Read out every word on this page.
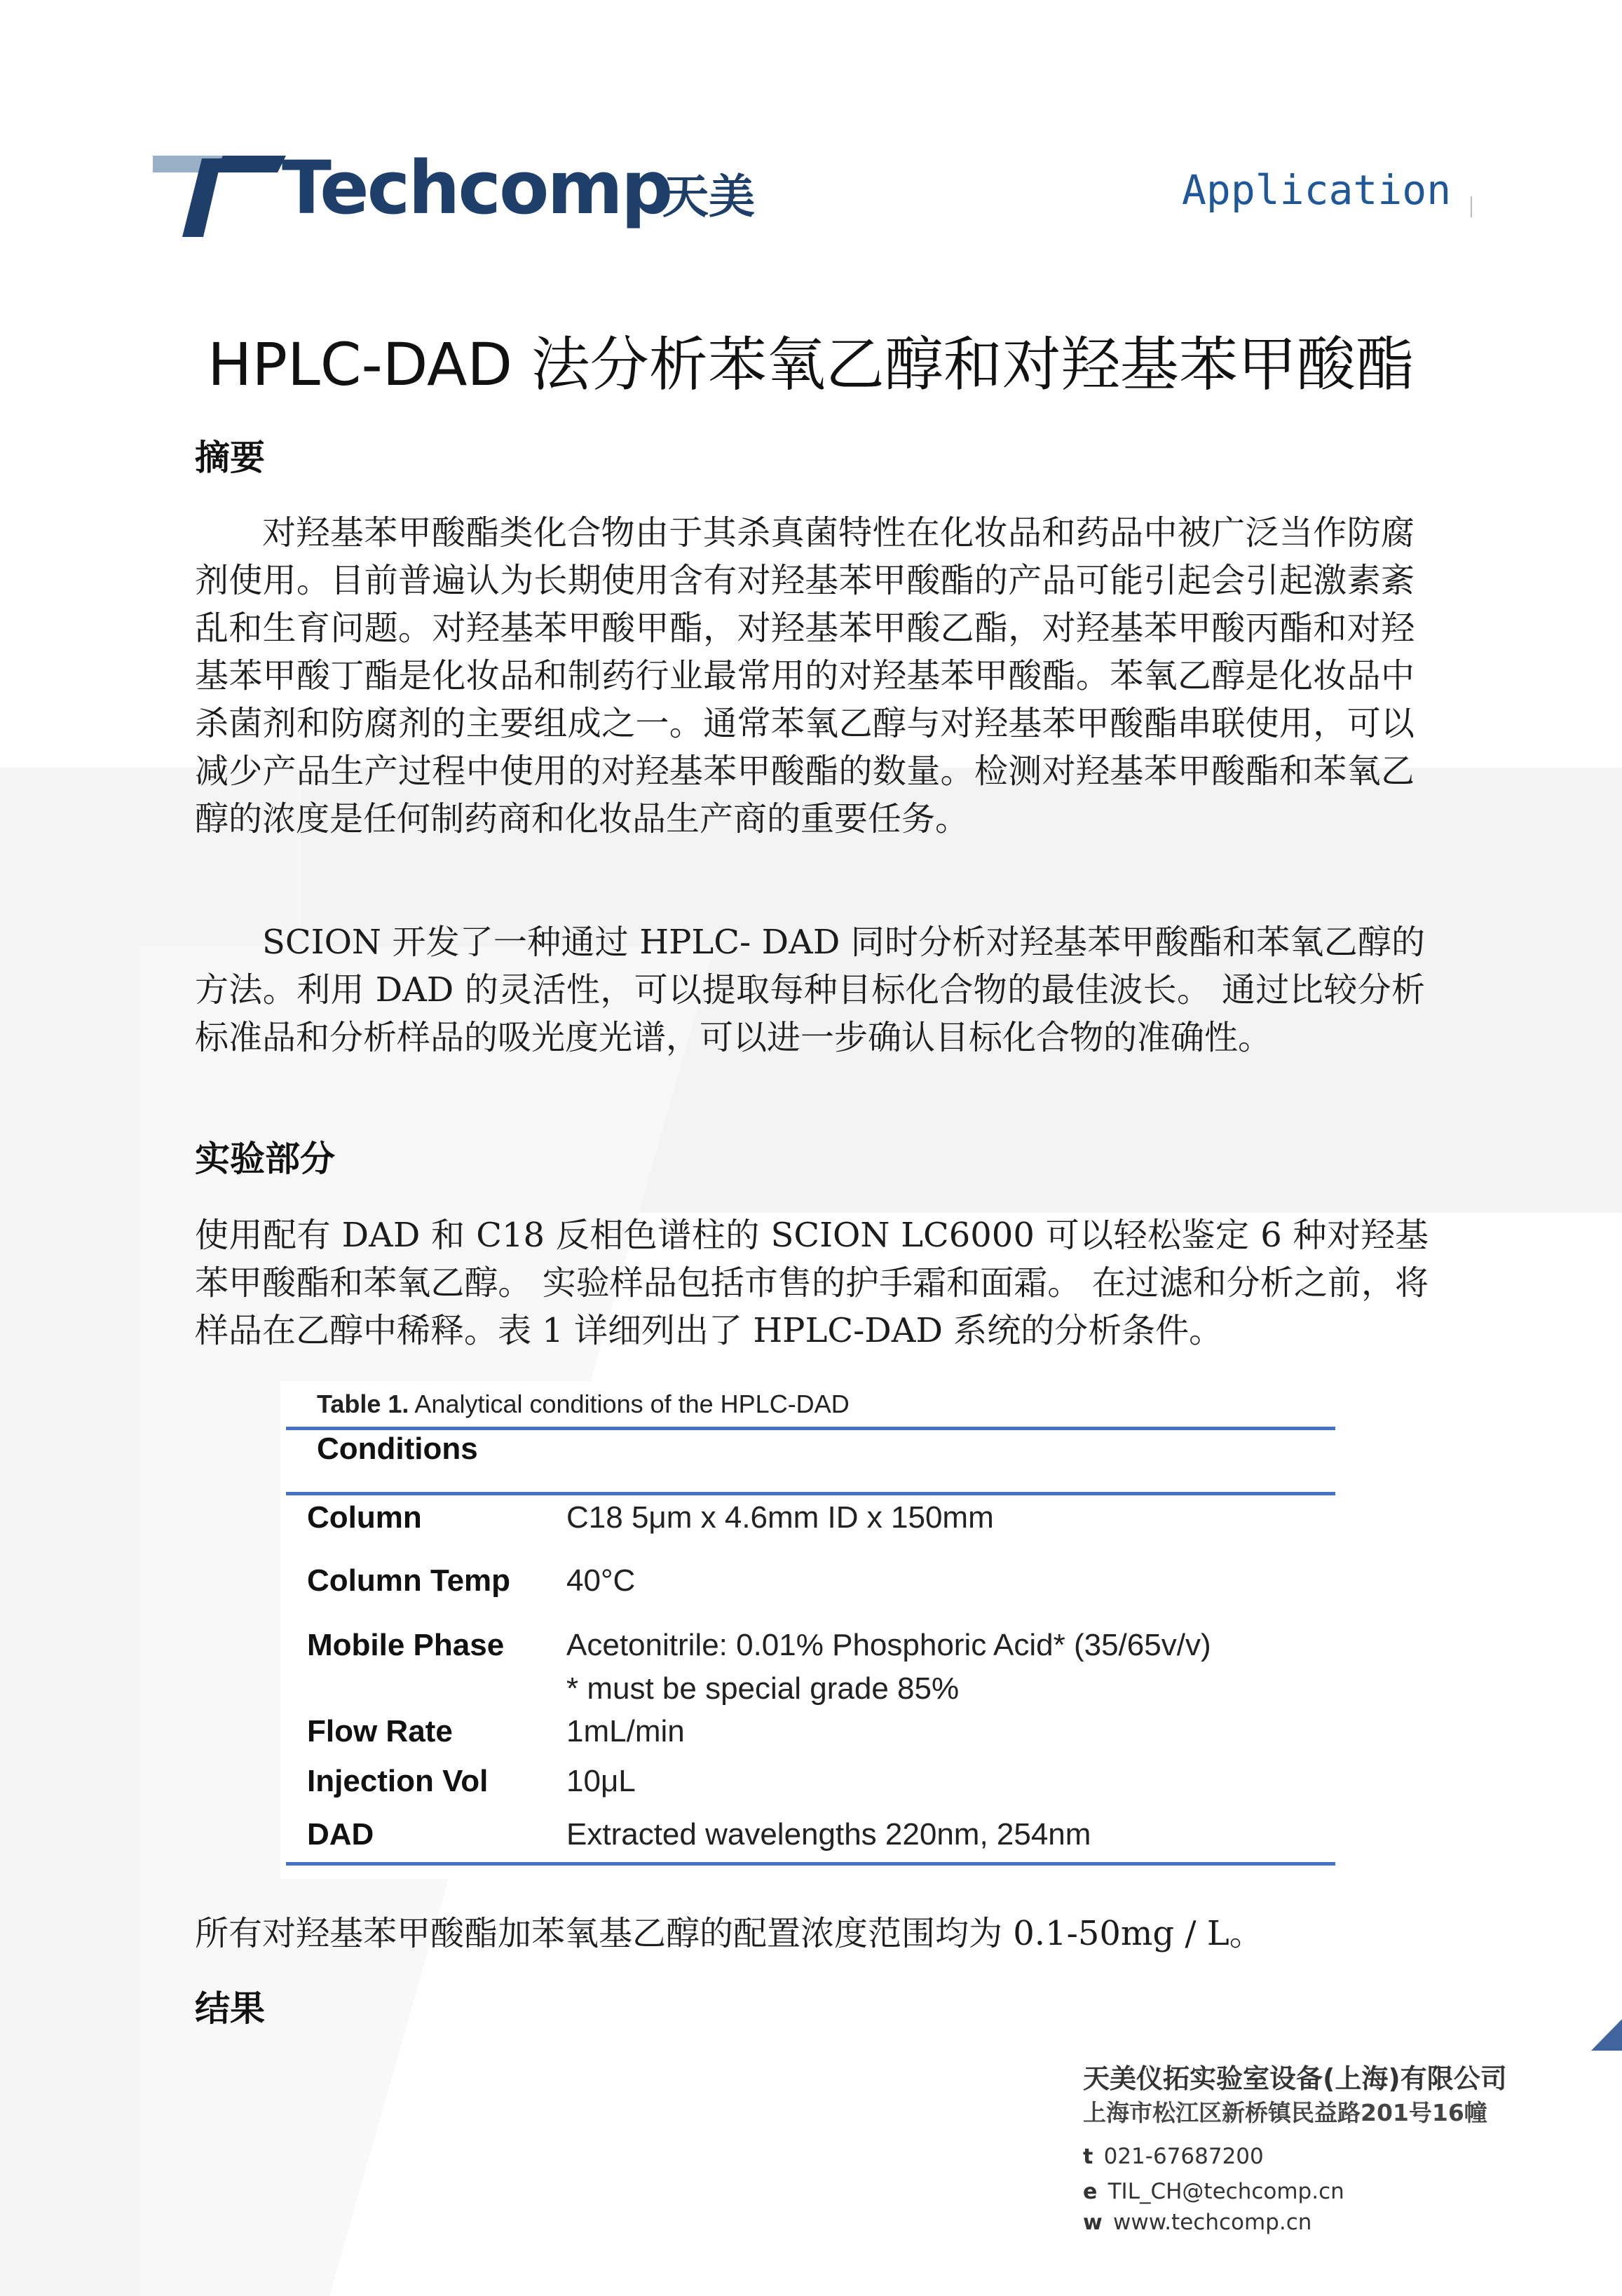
Techcomp
天美	Application
HPLC-DAD 法分析苯氧乙醇和对羟基苯甲酸酯
摘要

对羟基苯甲酸酯类化合物由于其杀真菌特性在化妆品和药品中被广泛当作防腐剂使用。目前普遍认为长期使用含有对羟基苯甲酸酯的产品可能引起会引起激素紊乱和生育问题。对羟基苯甲酸甲酯，对羟基苯甲酸乙酯，对羟基苯甲酸丙酯和对羟基苯甲酸丁酯是化妆品和制药行业最常用的对羟基苯甲酸酯。苯氧乙醇是化妆品中杀菌剂和防腐剂的主要组成之一。通常苯氧乙醇与对羟基苯甲酸酯串联使用，可以减少产品生产过程中使用的对羟基苯甲酸酯的数量。检测对羟基苯甲酸酯和苯氧乙醇的浓度是任何制药商和化妆品生产商的重要任务。

SCION 开发了一种通过 HPLC- DAD 同时分析对羟基苯甲酸酯和苯氧乙醇的方法。利用 DAD 的灵活性，可以提取每种目标化合物的最佳波长。 通过比较分析标准品和分析样品的吸光度光谱，可以进一步确认目标化合物的准确性。

实验部分

使用配有 DAD 和 C18 反相色谱柱的 SCION LC6000 可以轻松鉴定 6 种对羟基苯甲酸酯和苯氧乙醇。 实验样品包括市售的护手霜和面霜。 在过滤和分析之前，将样品在乙醇中稀释。表 1 详细列出了 HPLC-DAD 系统的分析条件。

Table 1. Analytical conditions of the HPLC-DAD
Conditions
Column	C18 5μm x 4.6mm ID x 150mm
Column Temp 40°C
Mobile Phase Acetonitrile: 0.01% Phosphoric Acid* (35/65v/v)
* must be special grade 85%
Flow Rate	1mL/min
Injection Vol	10μL
DAD	Extracted wavelengths 220nm, 254nm

所有对羟基苯甲酸酯加苯氧基乙醇的配置浓度范围均为 0.1-50mg / L。

结果
天美仪拓实验室设备(上海)有限公司
上海市松江区新桥镇民益路201号16幢
t 021-67687200
e TIL_CH@techcomp.cn
w www.techcomp.cn
